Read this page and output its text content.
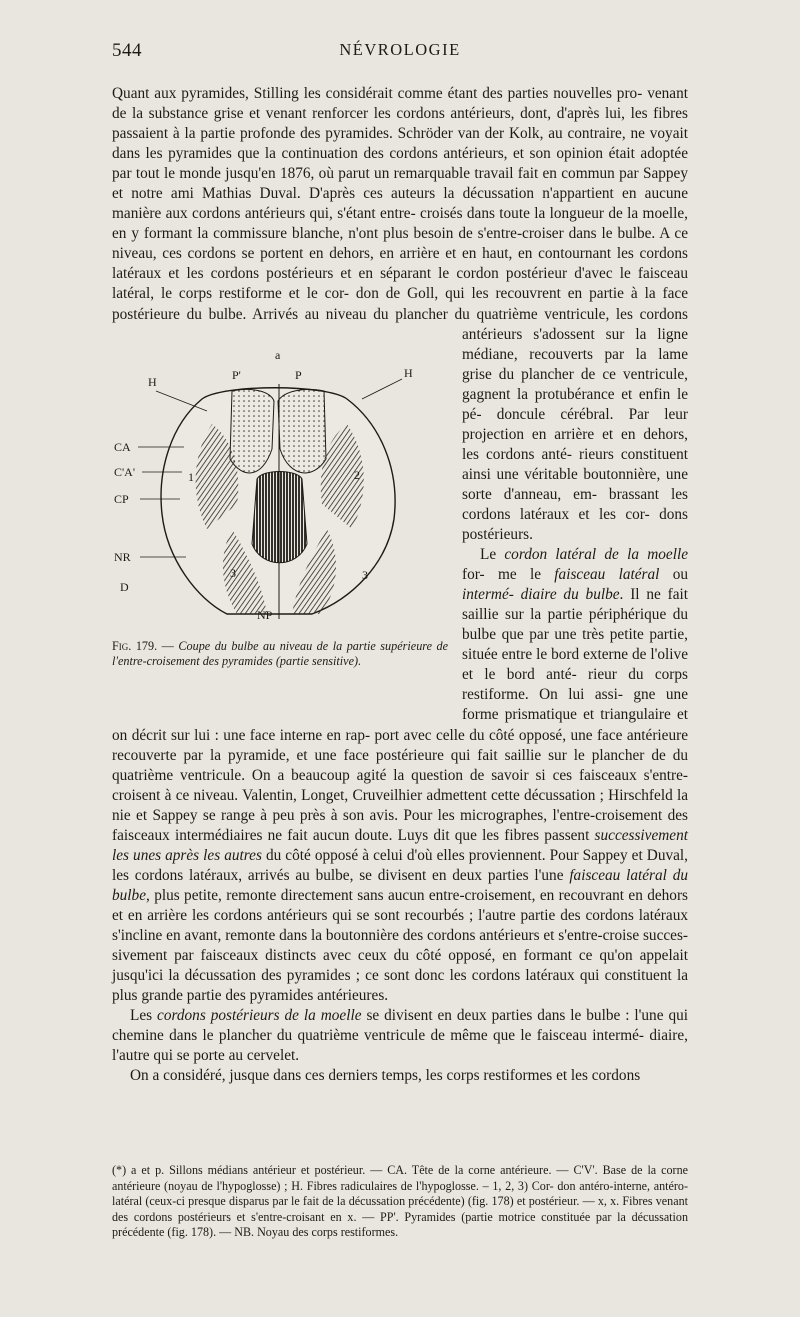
544	NÉVROLOGIE

Quant aux pyramides, Stilling les considérait comme étant des parties nouvelles pro- venant de la substance grise et venant renforcer les cordons antérieurs, dont, d'après lui, les fibres passaient à la partie profonde des pyramides. Schröder van der Kolk, au contraire, ne voyait dans les pyramides que la continuation des cordons antérieurs, et son opinion était adoptée par tout le monde jusqu'en 1876, où parut un remarquable travail fait en commun par Sappey et notre ami Mathias Duval. D'après ces auteurs la décussation n'appartient en aucune manière aux cordons antérieurs qui, s'étant entre- croisés dans toute la longueur de la moelle, en y formant la commissure blanche, n'ont plus besoin de s'entre-croiser dans le bulbe. A ce niveau, ces cordons se portent en dehors, en arrière et en haut, en contournant les cordons latéraux et les cordons postérieurs et en séparant le cordon postérieur d'avec le faisceau latéral, le corps restiforme et le cor- don de Goll, qui les recouvrent en partie à la face postérieure du bulbe. Arrivés au niveau
a
P'	P
H
H
CA
C'A'
CP
NR
D
NP
1	2
3	3
Fig. 179. — Coupe du bulbe au niveau de la partie supérieure de l'entre-croisement des pyramides (partie sensitive).
du plancher du quatrième ventricule, les cordons antérieurs s'adossent sur la ligne médiane, recouverts par la lame grise du plancher de ce ventricule, gagnent la protubérance et enfin le pé- doncule cérébral. Par leur projection en arrière et en dehors, les cordons anté- rieurs constituent ainsi une véritable boutonnière, une sorte d'anneau, em- brassant les cordons latéraux et les cor- dons postérieurs.

Le cordon latéral de la moelle for- me le faisceau latéral ou intermé- diaire du bulbe. Il ne fait saillie sur la partie périphérique du bulbe que par une très petite partie, située entre le bord externe de l'olive et le bord anté- rieur du corps restiforme. On lui assi- gne une forme prismatique et triangulaire et on décrit sur lui : une face interne en rap- port avec celle du côté opposé, une face antérieure recouverte par la pyramide, et une face postérieure qui fait saillie sur le plancher de du quatrième ventricule. On a beaucoup agité la question de savoir si ces faisceaux s'entre-croisent à ce niveau. Valentin, Longet, Cruveilhier admettent cette décussation ; Hirschfeld la nie et Sappey se range à peu près à son avis. Pour les micrographes, l'entre-croisement des faisceaux intermédiaires ne fait aucun doute. Luys dit que les fibres passent successivement les unes après les autres du côté opposé à celui d'où elles proviennent. Pour Sappey et Duval, les cordons latéraux, arrivés au bulbe, se divisent en deux parties l'une faisceau latéral du bulbe, plus petite, remonte directement sans aucun entre-croisement, en recouvrant en dehors et en arrière les cordons antérieurs qui se sont recourbés ; l'autre partie des cordons latéraux s'incline en avant, remonte dans la boutonnière des cordons antérieurs et s'entre-croise succes- sivement par faisceaux distincts avec ceux du côté opposé, en formant ce qu'on appelait jusqu'ici la décussation des pyramides ; ce sont donc les cordons latéraux qui constituent la plus grande partie des pyramides antérieures.

Les cordons postérieurs de la moelle se divisent en deux parties dans le bulbe : l'une qui chemine dans le plancher du quatrième ventricule de même que le faisceau intermé- diaire, l'autre qui se porte au cervelet.

On a considéré, jusque dans ces derniers temps, les corps restiformes et les cordons

(*) a et p. Sillons médians antérieur et postérieur. — CA. Tête de la corne antérieure. — C'V'. Base de la corne antérieure (noyau de l'hypoglosse) ; H. Fibres radiculaires de l'hypoglosse. – 1, 2, 3) Cor- don antéro-interne, antéro-latéral (ceux-ci presque disparus par le fait de la décussation précédente) (fig. 178) et postérieur. — x, x. Fibres venant des cordons postérieurs et s'entre-croisant en x. — PP'. Pyramides (partie motrice constituée par la décussation précédente (fig. 178). — NB. Noyau des corps restiformes.
